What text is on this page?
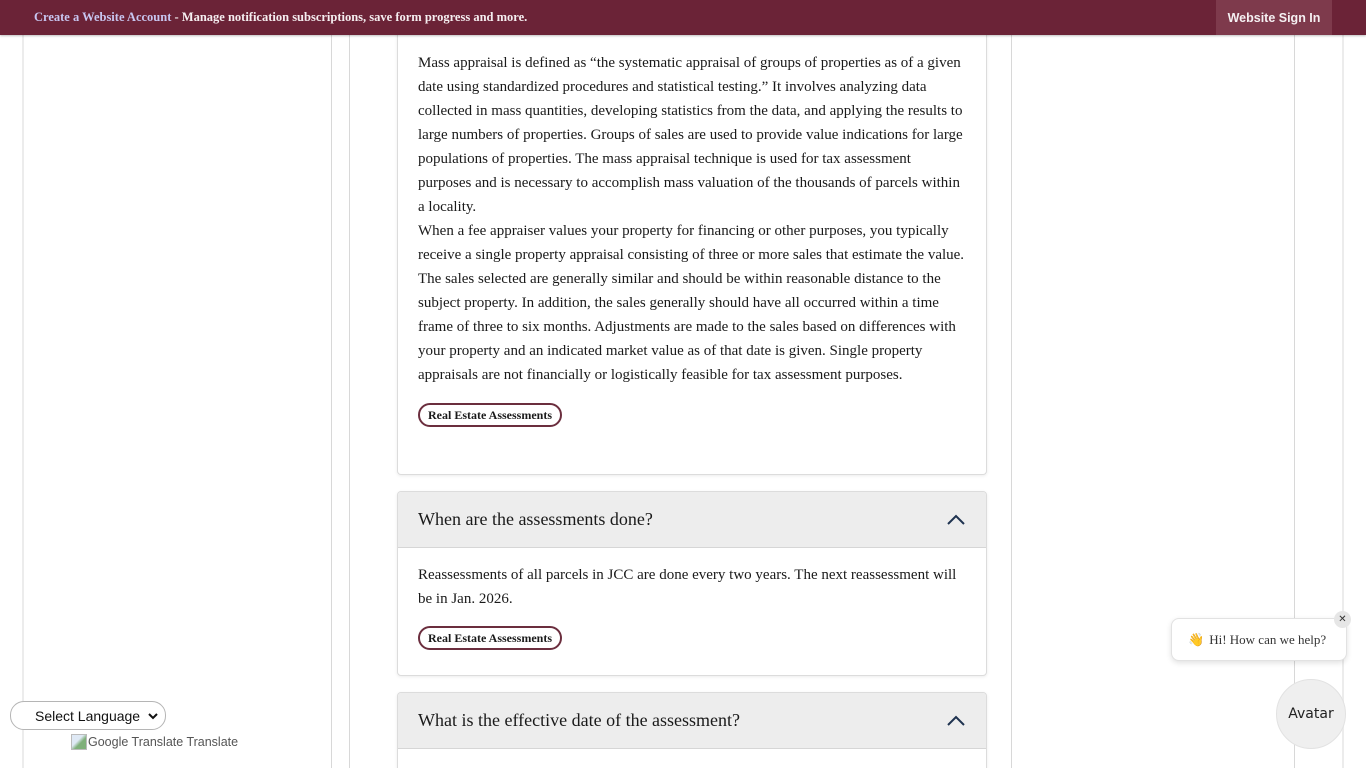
Create a Website Account - Manage notification subscriptions, save form progress and more.	Website Sign In

Mass appraisal is defined as “the systematic appraisal of groups of properties as of a given date using standardized procedures and statistical testing.” It involves analyzing data collected in mass quantities, developing statistics from the data, and applying the results to large numbers of properties. Groups of sales are used to provide value indications for large populations of properties. The mass appraisal technique is used for tax assessment purposes and is necessary to accomplish mass valuation of the thousands of parcels within a locality.

When a fee appraiser values your property for financing or other purposes, you typically receive a single property appraisal consisting of three or more sales that estimate the value. The sales selected are generally similar and should be within reasonable distance to the subject property. In addition, the sales generally should have all occurred within a time frame of three to six months. Adjustments are made to the sales based on differences with your property and an indicated market value as of that date is given. Single property appraisals are not financially or logistically feasible for tax assessment purposes.

Real Estate Assessments
When are the assessments done?

Reassessments of all parcels in JCC are done every two years. The next reassessment will be in Jan. 2026.

Real Estate Assessments
What is the effective date of the assessment?
Select Language
Google Translate Translate
👋 Hi! How can we help?
✕
Avatar
